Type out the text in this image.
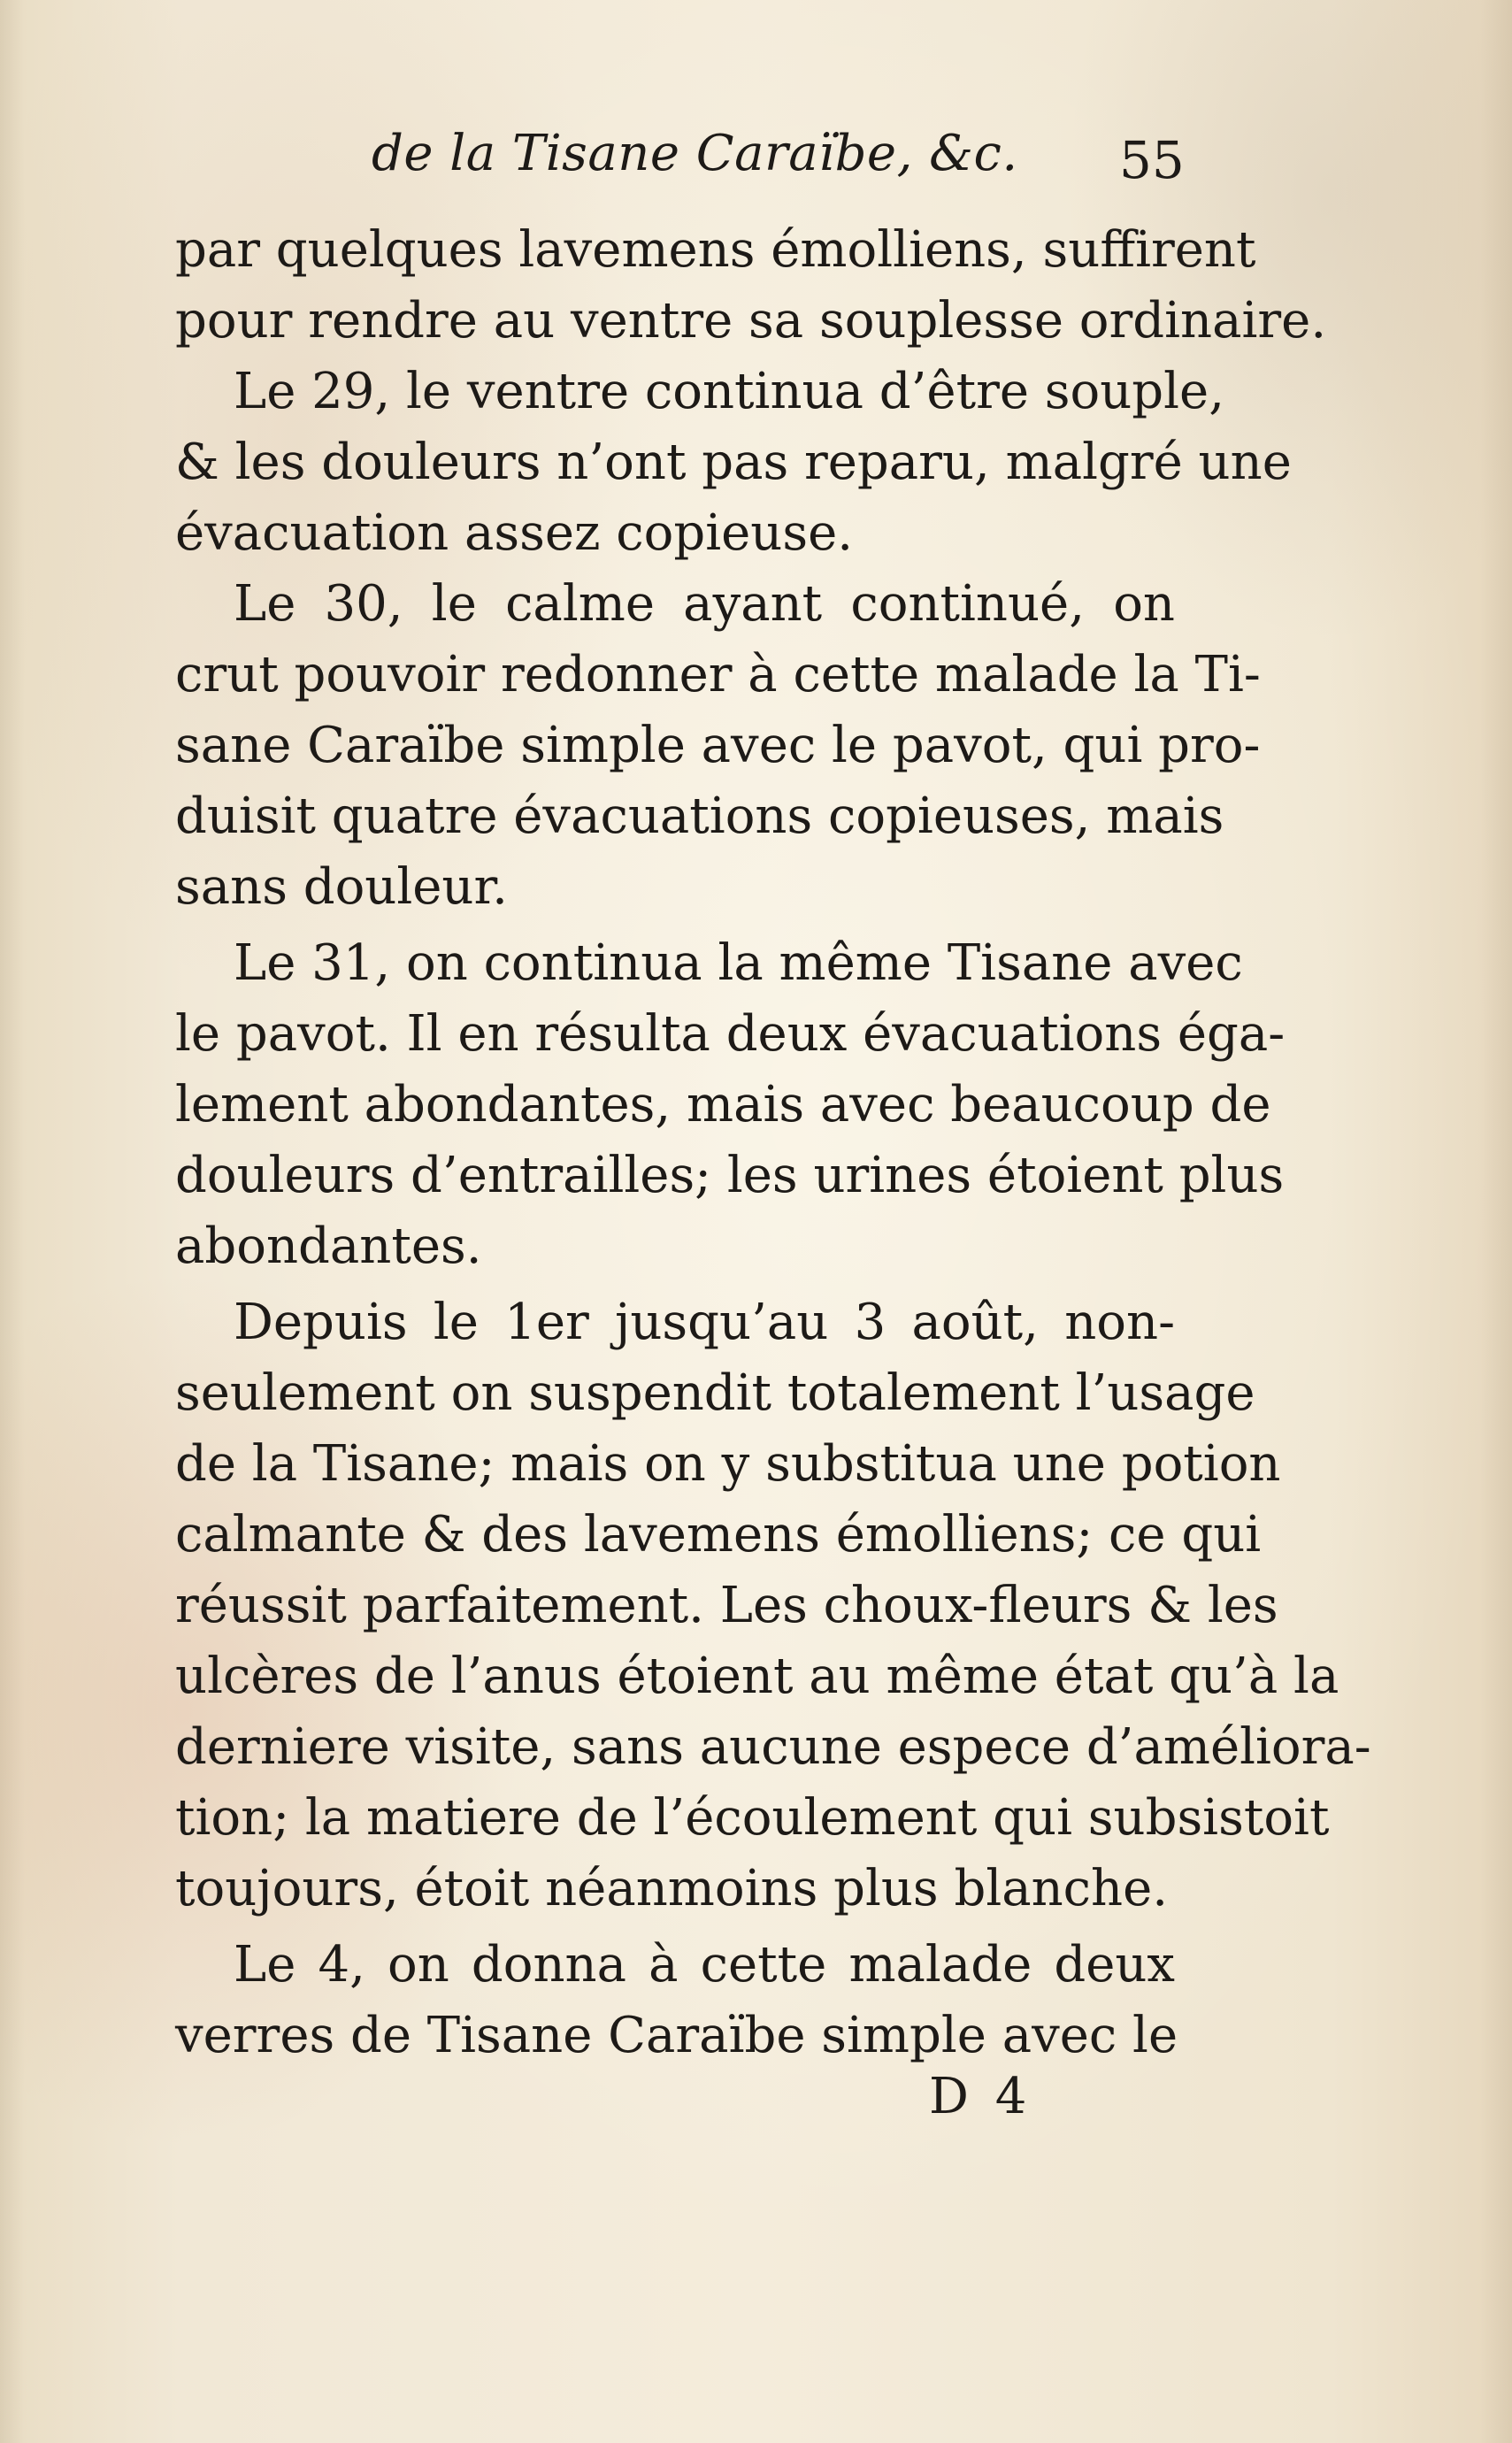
de la Tisane Caraïbe, &c. 55
par quelques lavemens émolliens, suffirent
pour rendre au ventre sa souplesse ordinaire.
Le 29, le ventre continua d’être souple,
& les douleurs n’ont pas reparu, malgré une
évacuation assez copieuse.
Le 30, le calme ayant continué, on
crut pouvoir redonner à cette malade la Ti-
sane Caraïbe simple avec le pavot, qui pro-
duisit quatre évacuations copieuses, mais
sans douleur.
Le 31, on continua la même Tisane avec
le pavot. Il en résulta deux évacuations éga-
lement abondantes, mais avec beaucoup de
douleurs d’entrailles; les urines étoient plus
abondantes.
Depuis le 1er jusqu’au 3 août, non-
seulement on suspendit totalement l’usage
de la Tisane; mais on y substitua une potion
calmante & des lavemens émolliens; ce qui
réussit parfaitement. Les choux-fleurs & les
ulcères de l’anus étoient au même état qu’à la
derniere visite, sans aucune espece d’améliora-
tion; la matiere de l’écoulement qui subsistoit
toujours, étoit néanmoins plus blanche.
Le 4, on donna à cette malade deux
verres de Tisane Caraïbe simple avec le
D 4
